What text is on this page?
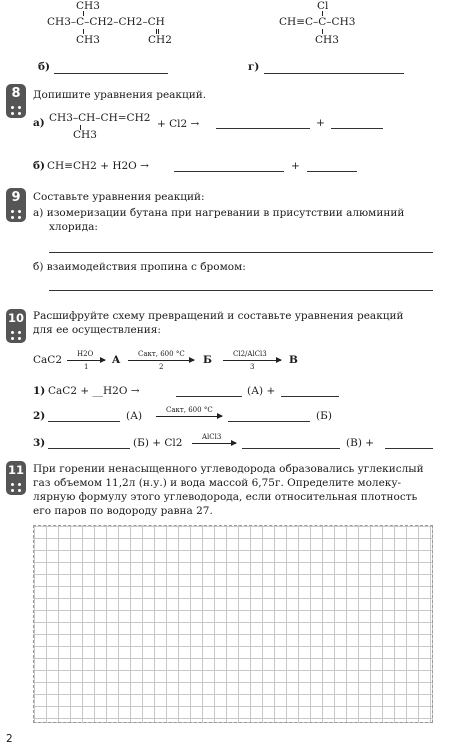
CH3
CH3–C–CH2–CH2–CH
CH3	CH2
Cl
CH≡C–C–CH3
CH3
б)	г)
8	Допишите уравнения реакций.
а) CH3–CH–CH=CH2
CH3
+ Cl2 →	+
б) CH≡CH2 + H2O →	+
9	Составьте уравнения реакций:
а) изомеризации бутана при нагревании в присутствии алюминий
хлорида:
б) взаимодействия пропина с бромом:
10 Расшифруйте схему превращений и составьте уравнения реакций
для ее осуществления:
CaC2 H2O
1
A	Cакт, 600 °C
2
Б	Cl2/AlCl3
3
В
1) CaC2 + __H2O →	(А) +
2)	(А)	Cакт, 600 °C	(Б)
3)	(Б) + Cl2	AlCl3	(В) +
11 При горении ненасыщенного углеводорода образовались углекислый
газ объемом 11,2л (н.у.) и вода массой 6,75г. Определите молеку-
лярную формулу этого углеводорода, если относительная плотность
его паров по водороду равна 27.
2
